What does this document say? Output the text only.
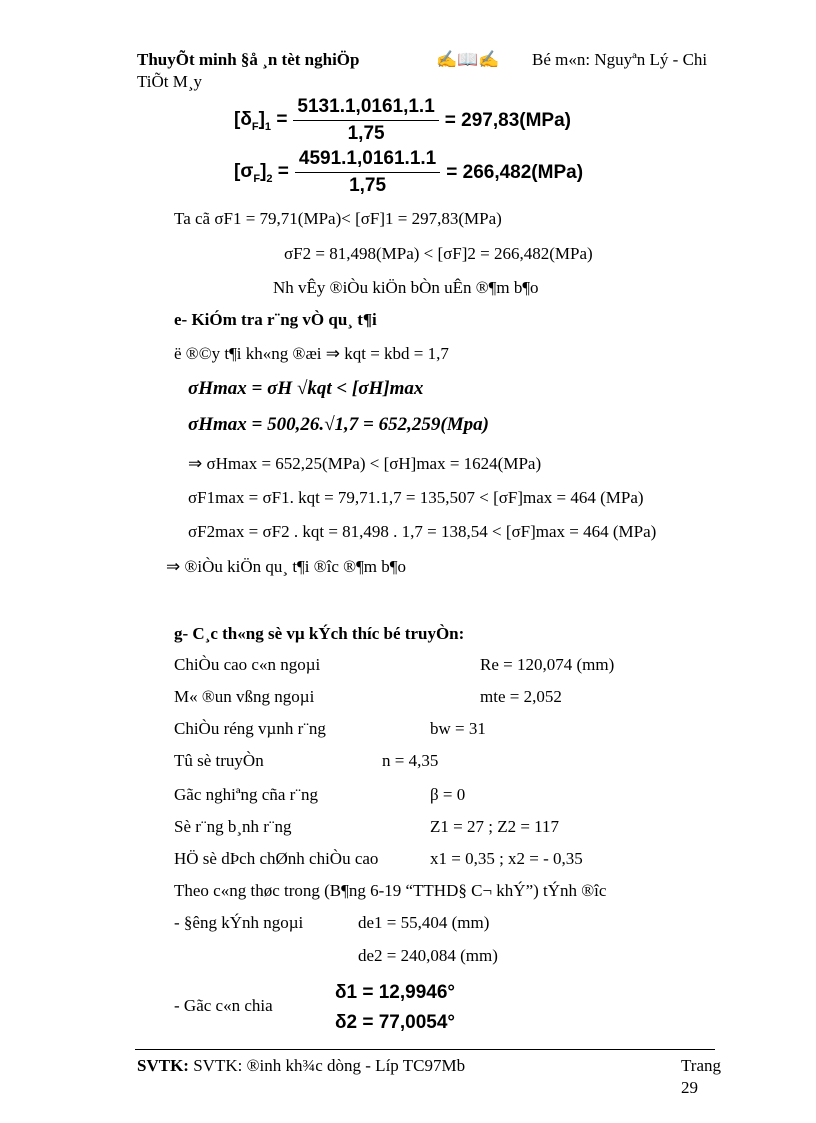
ThuyÕt minh §å ¸n tèt nghiÖp	✍📖✍ Bé m«n: Nguyªn Lý - Chi
TiÕt M¸y
$[\delta_F]_1 = \frac{5131.1,0161,1.1}{1,75} = 297,83(MPa)$
$[\sigma_F]_2 = \frac{4591.1,0161.1.1}{1,75} = 266,482(MPa)$
Ta cã σF1 = 79,71(MPa)< [σF]1 = 297,83(MPa)
σF2 = 81,498(MPa) < [σF]2 = 266,482(MPa)
Nh vÊy ®iÒu kiÖn bÒn uÊn ®¶m b¶o
e- KiÓm tra r¨ng vÒ qu¸ t¶i
ë ®©y t¶i kh«ng ®æi ⇒ kqt = kbd = 1,7
σHmax = σH √kqt < [σH]max
σHmax = 500,26.√1,7 = 652,259(Mpa)
⇒ σHmax = 652,25(MPa) < [σH]max = 1624(MPa)
σF1max = σF1. kqt = 79,71.1,7 = 135,507 < [σF]max = 464 (MPa)
σF2max = σF2 . kqt = 81,498 . 1,7 = 138,54 < [σF]max = 464 (MPa)
⇒ ®iÒu kiÖn qu¸ t¶i ®îc ®¶m b¶o
g- C¸c th«ng sè vµ kÝch thíc bé truyÒn:
ChiÒu cao c«n ngoµi	Re = 120,074 (mm)
M« ®un vßng ngoµi	mte = 2,052
ChiÒu réng vµnh r¨ng	bw = 31
Tû sè truyÒn	n = 4,35
Gãc nghiªng cña r¨ng	β = 0
Sè r¨ng b¸nh r¨ng	Z1 = 27 ; Z2 = 117
HÖ sè dÞch chØnh chiÒu cao	x1 = 0,35 ; x2 = - 0,35
Theo c«ng thøc trong (B¶ng 6-19 “TTHD§ C¬ khÝ”) tÝnh ®îc
- §êng kÝnh ngoµi	de1 = 55,404 (mm)
de2 = 240,084 (mm)
- Gãc c«n chia
δ1 = 12,9946°
δ2 = 77,0054°
SVTK: SVTK: ®inh kh¾c dòng - Líp TC97Mb	Trang
29
